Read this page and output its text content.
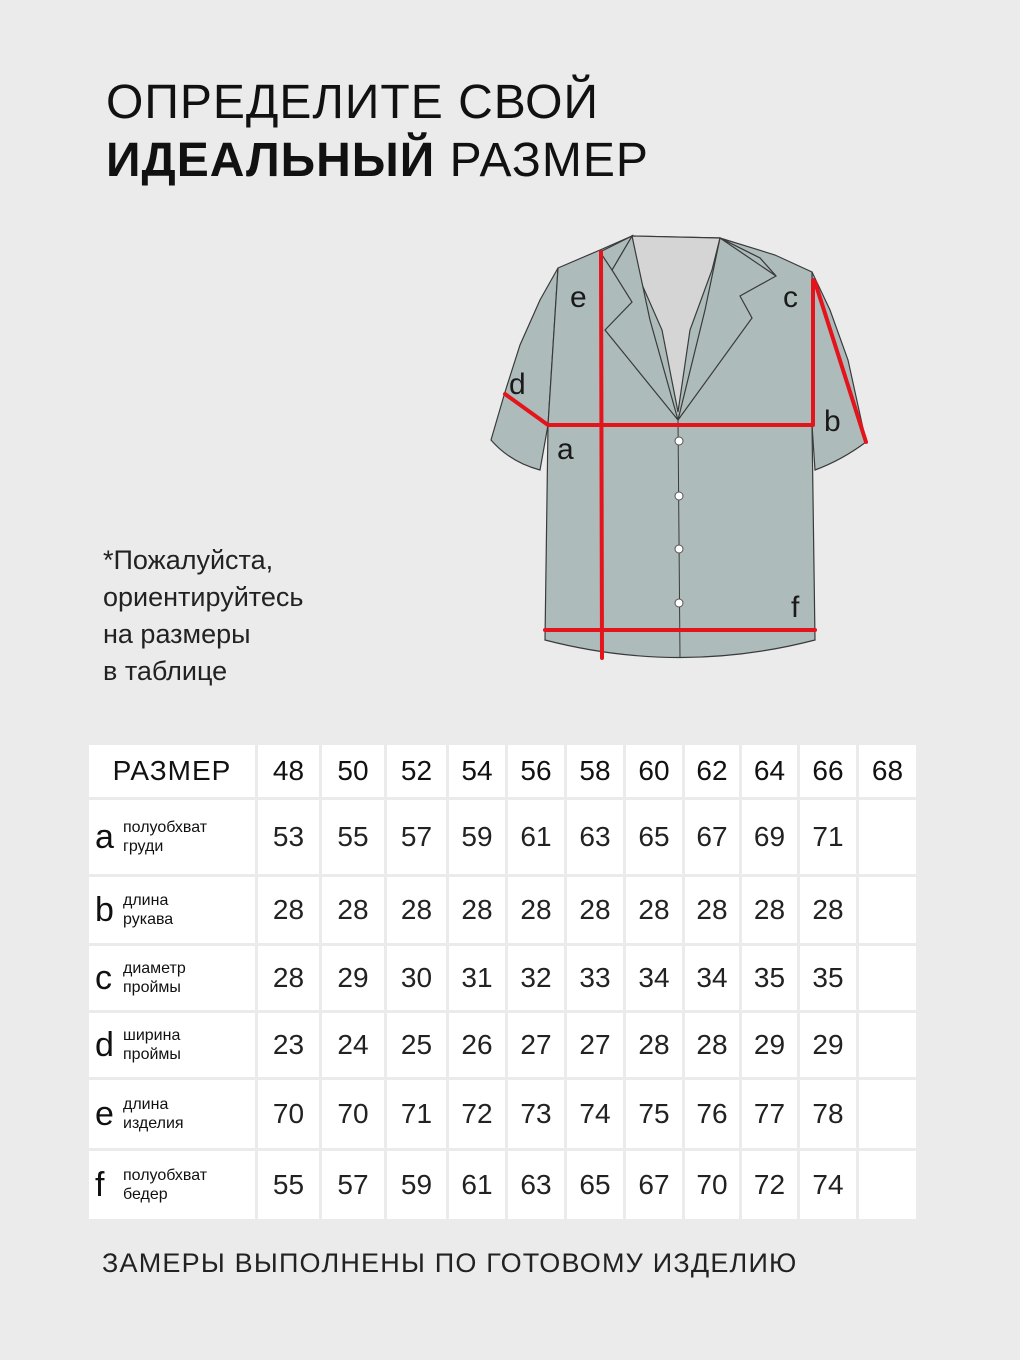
ОПРЕДЕЛИТЕ СВОЙ
ИДЕАЛЬНЫЙ РАЗМЕР
e	c
d
b
a
f
*Пожалуйста,
ориентируйтесь
на размеры
в таблице
РАЗМЕР	48	50	52	54	56	58	60	62	64	66	68

a полуобхват
груди	53	55	57	59	61	63	65	67	69	71	

b длина
рукава	28	28	28	28	28	28	28	28	28	28	

c диаметр
проймы	28	29	30	31	32	33	34	34	35	35	

d ширина
проймы	23	24	25	26	27	27	28	28	29	29	

e длина
изделия	70	70	71	72	73	74	75	76	77	78	

f полуобхват
бедер	55	57	59	61	63	65	67	70	72	74	
ЗАМЕРЫ ВЫПОЛНЕНЫ ПО ГОТОВОМУ ИЗДЕЛИЮ
